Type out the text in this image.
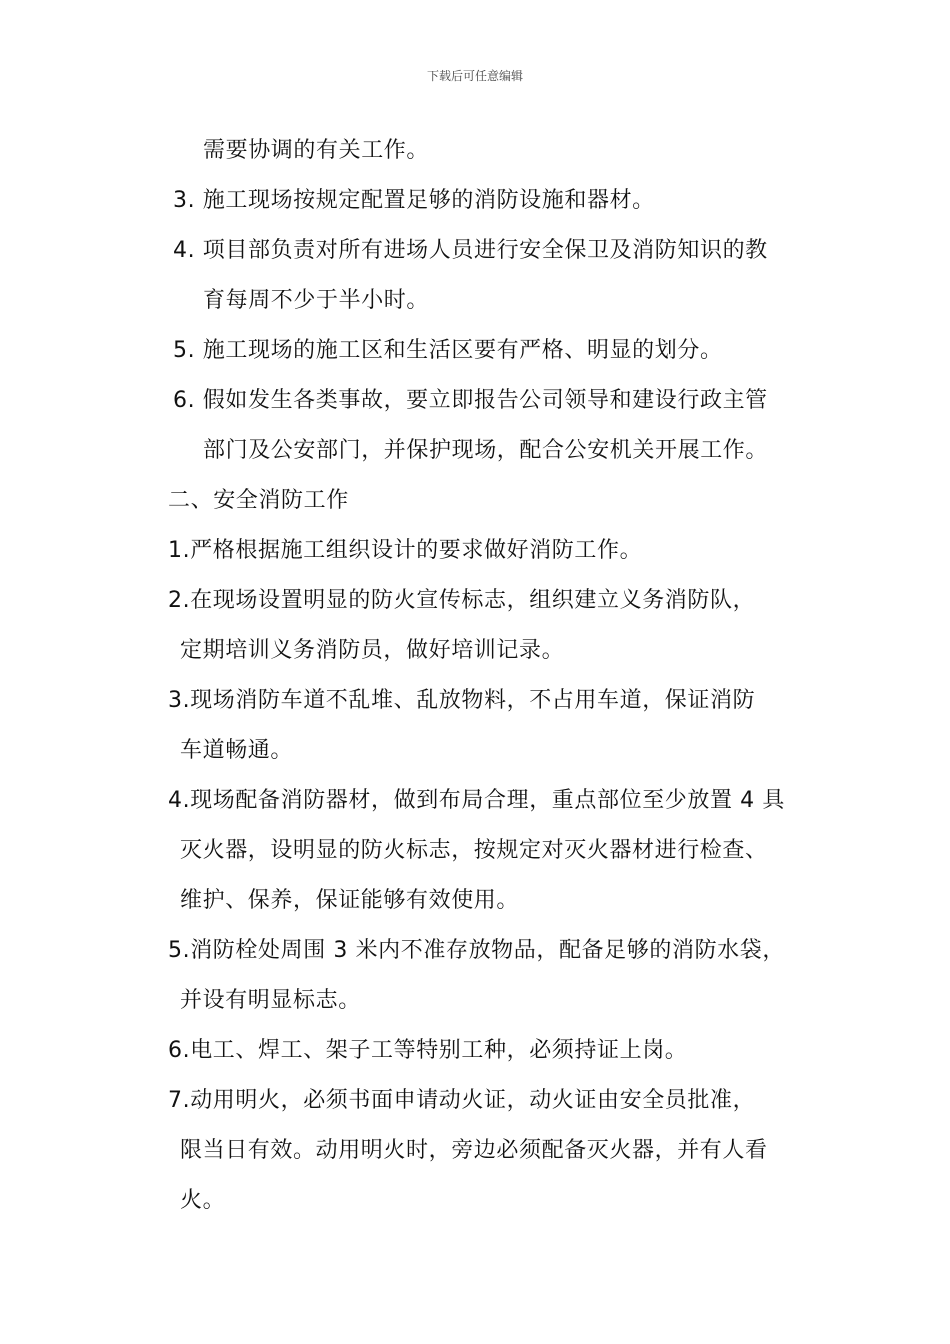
下载后可任意编辑
需要协调的有关工作。
3. 施工现场按规定配置足够的消防设施和器材。
4. 项目部负责对所有进场人员进行安全保卫及消防知识的教
育每周不少于半小时。
5. 施工现场的施工区和生活区要有严格、明显的划分。
6. 假如发生各类事故，要立即报告公司领导和建设行政主管
部门及公安部门，并保护现场，配合公安机关开展工作。
二、安全消防工作
1.严格根据施工组织设计的要求做好消防工作。
2.在现场设置明显的防火宣传标志，组织建立义务消防队，
定期培训义务消防员，做好培训记录。
3.现场消防车道不乱堆、乱放物料，不占用车道，保证消防
车道畅通。
4.现场配备消防器材，做到布局合理，重点部位至少放置 4 具
灭火器，设明显的防火标志，按规定对灭火器材进行检查、
维护、保养，保证能够有效使用。
5.消防栓处周围 3 米内不准存放物品，配备足够的消防水袋，
并设有明显标志。
6.电工、焊工、架子工等特别工种，必须持证上岗。
7.动用明火，必须书面申请动火证，动火证由安全员批准，
限当日有效。动用明火时，旁边必须配备灭火器，并有人看
火。
